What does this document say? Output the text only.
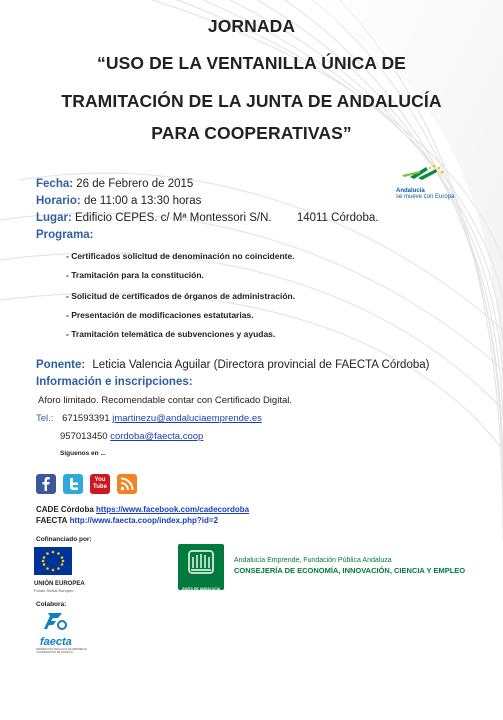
JORNADA
“USO DE LA VENTANILLA ÚNICA DE
TRAMITACIÓN DE LA JUNTA DE ANDALUCÍA
PARA COOPERATIVAS”
Andalucía
se mueve con Europa
Fecha: 26 de Febrero de 2015
Horario: de 11:00 a 13:30 horas
Lugar: Edificio CEPES. c/ Mª Montessori S/N. 14011 Córdoba.
Programa:
- Certificados solicitud de denominación no coincidente.
- Tramitación para la constitución.
- Solicitud de certificados de órganos de administración.
- Presentación de modificaciones estatutarias.
- Tramitación telemática de subvenciones y ayudas.
Ponente: Leticia Valencia Aguilar (Directora provincial de FAECTA Córdoba)
Información e inscripciones:
Aforo limitado. Recomendable contar con Certificado Digital.
Tel.: 671593391 jmartinezu@andaluciaemprende.es
957013450 cordoba@faecta.coop
Síguenos en ...
You Tube
CADE Córdoba https://www.facebook.com/cadecordoba
FAECTA http://www.faecta.coop/index.php?id=2
Cofinanciado por:
UNIÓN EUROPEA
Fondo Social Europeo	JUNTA DE ANDALUCIA
Andalucía Emprende, Fundación Pública Andaluza
CONSEJERÍA DE ECONOMÍA, INNOVACIÓN, CIENCIA Y EMPLEO
Colabora:
faecta
FEDERACIÓN ANDALUZA DE EMPRESAS COOPERATIVAS DE TRABAJO
